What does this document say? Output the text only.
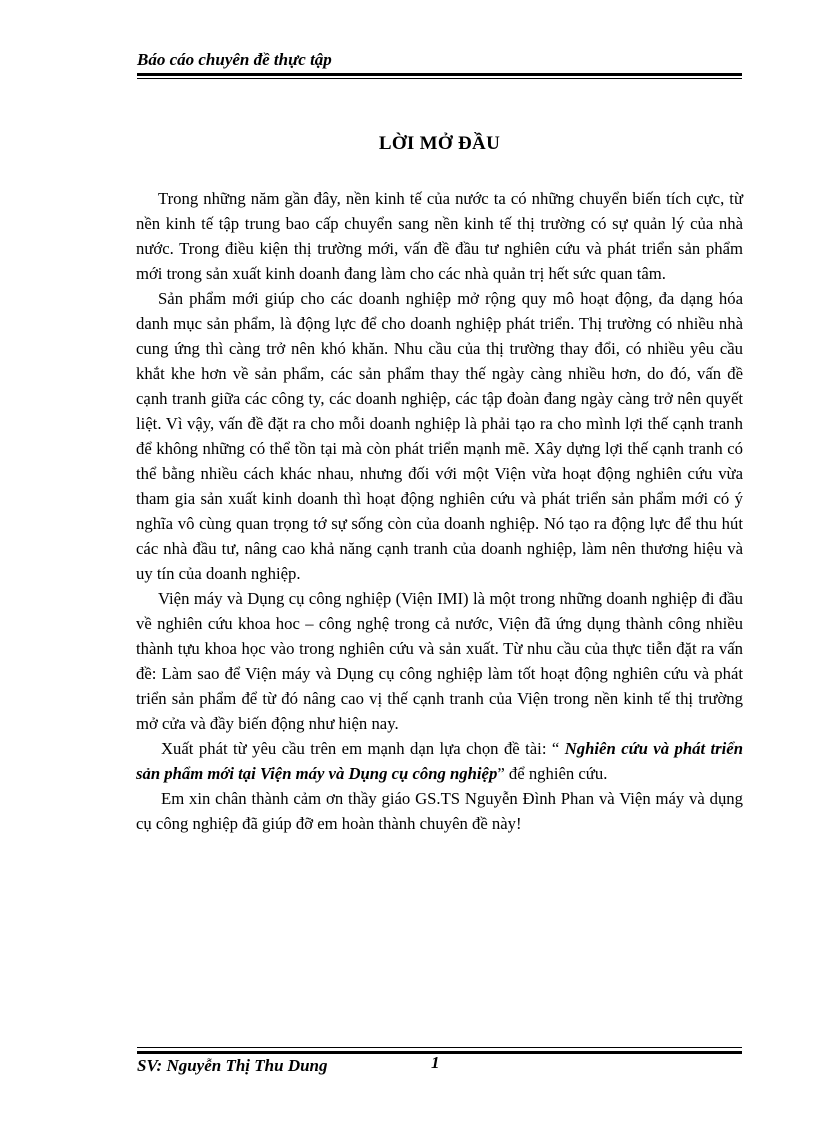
Báo cáo chuyên đề thực tập
LỜI MỞ ĐẦU

Trong những năm gần đây, nền kinh tế của nước ta có những chuyển biến tích cực, từ nền kinh tế tập trung bao cấp chuyển sang nền kinh tế thị trường có sự quản lý của nhà nước. Trong điều kiện thị trường mới, vấn đề đầu tư nghiên cứu và phát triển sản phẩm mới trong sản xuất kinh doanh đang làm cho các nhà quản trị hết sức quan tâm.

Sản phẩm mới giúp cho các doanh nghiệp mở rộng quy mô hoạt động, đa dạng hóa danh mục sản phẩm, là động lực để cho doanh nghiệp phát triển. Thị trường có nhiều nhà cung ứng thì càng trở nên khó khăn. Nhu cầu của thị trường thay đổi, có nhiều yêu cầu khắt khe hơn về sản phẩm, các sản phẩm thay thế ngày càng nhiều hơn, do đó, vấn đề cạnh tranh giữa các công ty, các doanh nghiệp, các tập đoàn đang ngày càng trở nên quyết liệt. Vì vậy, vấn đề đặt ra cho mỗi doanh nghiệp là phải tạo ra cho mình lợi thế cạnh tranh để không những có thể tồn tại mà còn phát triển mạnh mẽ. Xây dựng lợi thế cạnh tranh có thể bằng nhiều cách khác nhau, nhưng đối với một Viện vừa hoạt động nghiên cứu vừa tham gia sản xuất kinh doanh thì hoạt động nghiên cứu và phát triển sản phẩm mới có ý nghĩa vô cùng quan trọng tớ sự sống còn của doanh nghiệp. Nó tạo ra động lực để thu hút các nhà đầu tư, nâng cao khả năng cạnh tranh của doanh nghiệp, làm nên thương hiệu và uy tín của doanh nghiệp.

Viện máy và Dụng cụ công nghiệp (Viện IMI) là một trong những doanh nghiệp đi đầu về nghiên cứu khoa hoc – công nghệ trong cả nước, Viện đã ứng dụng thành công nhiều thành tựu khoa học vào trong nghiên cứu và sản xuất. Từ nhu cầu của thực tiễn đặt ra vấn đề: Làm sao để Viện máy và Dụng cụ công nghiệp làm tốt hoạt động nghiên cứu và phát triển sản phẩm để từ đó nâng cao vị thế cạnh tranh của Viện trong nền kinh tế thị trường mở cửa và đầy biến động như hiện nay.

Xuất phát từ yêu cầu trên em mạnh dạn lựa chọn đề tài: “ Nghiên cứu và phát triển sản phẩm mới tại Viện máy và Dụng cụ công nghiệp” để nghiên cứu.

Em xin chân thành cảm ơn thầy giáo GS.TS Nguyễn Đình Phan và Viện máy và dụng cụ công nghiệp đã giúp đỡ em hoàn thành chuyên đề này!

SV: Nguyễn Thị Thu Dung	1
